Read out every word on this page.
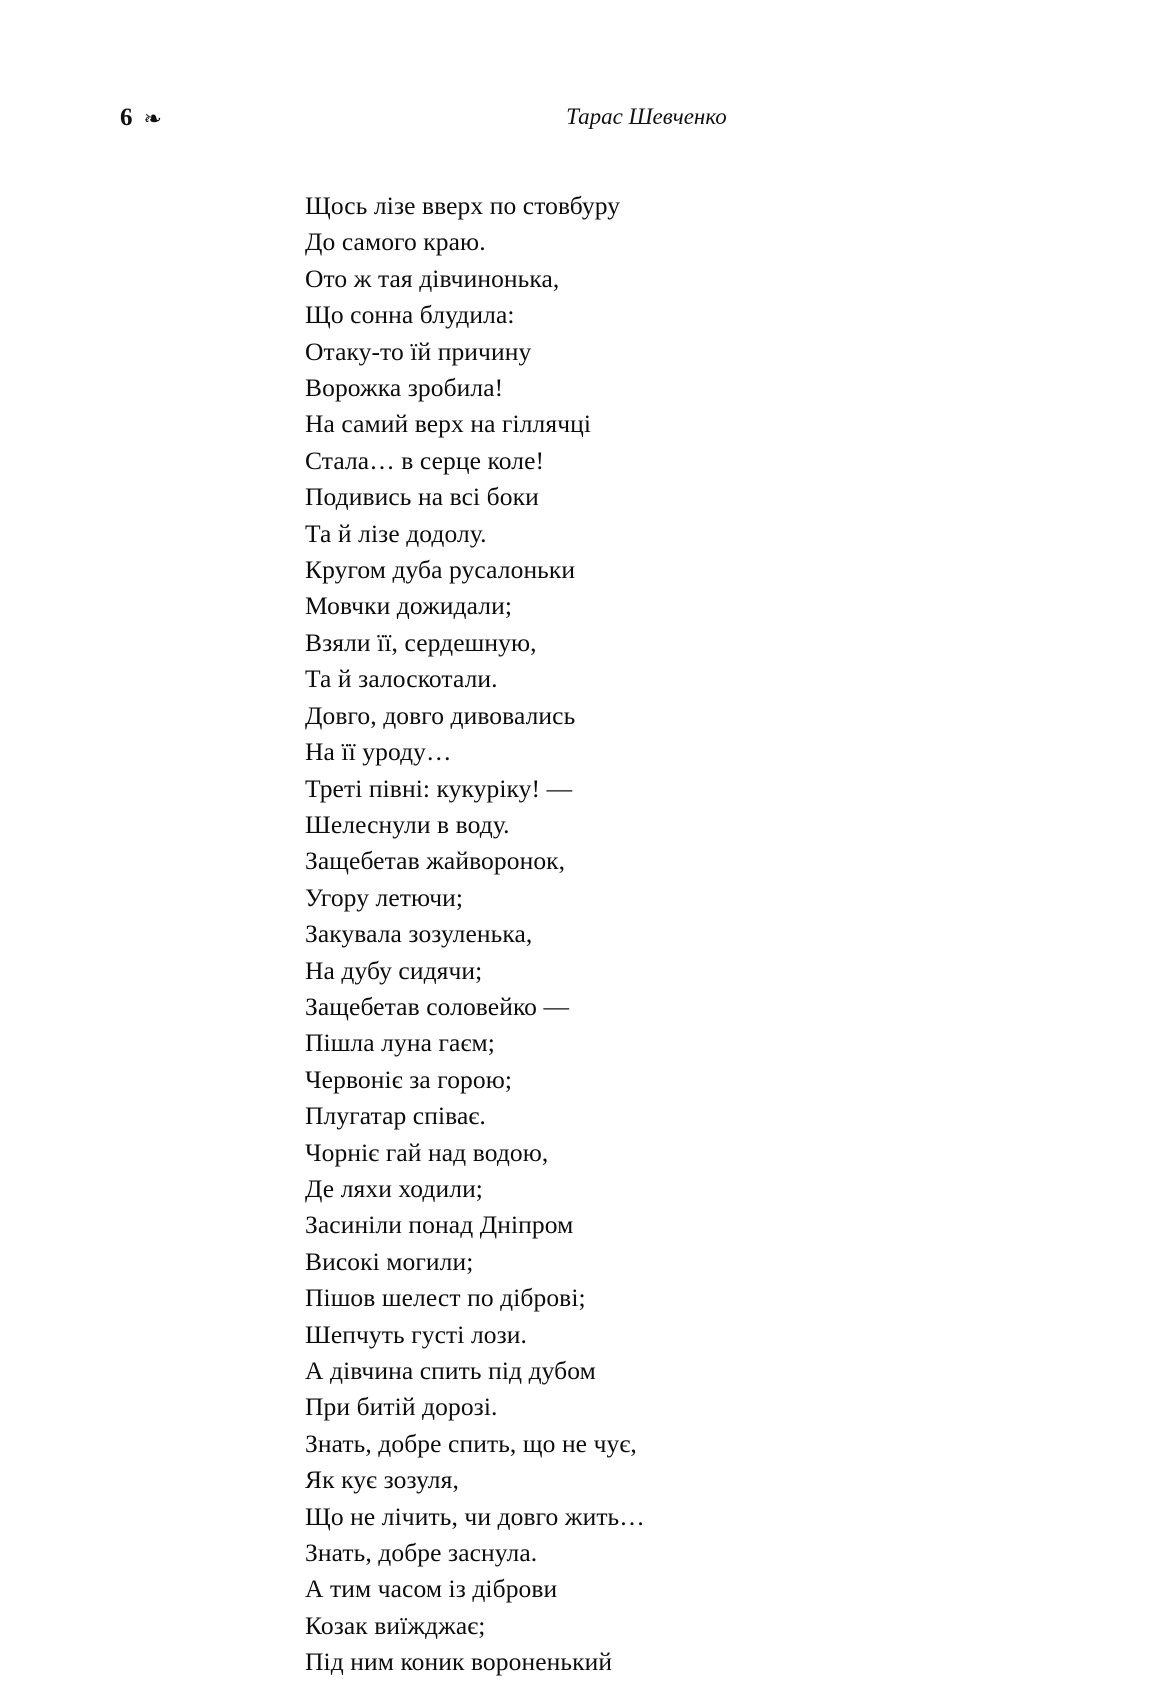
6 ❧	Тарас Шевченко
Щось лізе вверх по стовбуру
До самого краю.
Ото ж тая дівчинонька,
Що сонна блудила:
Отаку-то їй причину
Ворожка зробила!
На самий верх на гіллячці
Стала… в серце коле!
Подивись на всі боки
Та й лізе додолу.
Кругом дуба русалоньки
Мовчки дожидали;
Взяли її, сердешную,
Та й залоскотали.
Довго, довго дивовались
На її уроду…
Треті півні: кукуріку! —
Шелеснули в воду.
Защебетав жайворонок,
Угору летючи;
Закувала зозуленька,
На дубу сидячи;
Защебетав соловейко —
Пішла луна гаєм;
Червоніє за горою;
Плугатар співає.
Чорніє гай над водою,
Де ляхи ходили;
Засиніли понад Дніпром
Високі могили;
Пішов шелест по діброві;
Шепчуть густі лози.
А дівчина спить під дубом
При битій дорозі.
Знать, добре спить, що не чує,
Як кує зозуля,
Що не лічить, чи довго жить…
Знать, добре заснула.
А тим часом із діброви
Козак виїжджає;
Під ним коник вороненький
